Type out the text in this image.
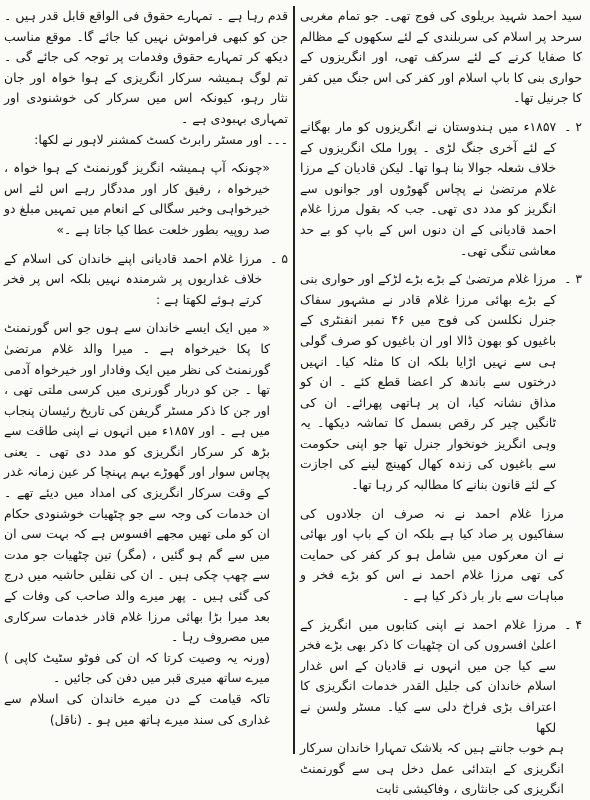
سید احمد شہید بریلوی کی فوج تھی۔ جو تمام مغربی سرحد پر اسلام کی سربلندی کے لئے سکھوں کے مظالم کا صفایا کرنے کے لئے سرکف تھی، اور انگریزوں کے حواری بنی کا باپ اسلام اور کفر کی اس جنگ میں کفر کا جرنیل تھا۔

۲ ۔
۱۸۵۷ء میں ہندوستان نے انگریزوں کو مار بھگانے کے لئے آخری جنگ لڑی ۔ پورا ملک انگریزوں کے خلاف شعلہ جوالا بنا ہوا تھا۔ لیکن قادیان کے مرزا غلام مرتضیٰ نے پچاس گھوڑوں اور جوانوں سے انگریز کو مدد دی تھی۔ جب کہ بقول مرزا غلام احمد قادیانی کے ان دنوں اس کے باپ کو بے حد معاشی تنگی تھی۔
۳ ۔
مرزا غلام مرتضیٰ کے بڑے بڑے لڑکے اور حواری بنی کے بڑے بھائی مرزا غلام قادر نے مشہور سفاک جنرل نکلسن کی فوج میں ۴۶ نمبر انفنٹری کے باغیوں کو بھون ڈالا اور ان باغیوں کو صرف گولی ہی سے نہیں اڑایا بلکہ ان کا مثلہ کیا۔ انہیں درختوں سے باندھ کر اعضا قطع کئے ۔ ان کو مذاق نشانہ کیا، ان پر ہاتھی پھرائے۔ ان کی ٹانگیں چیر کر رقص بسمل کا تماشہ دیکھا۔ یہ وہی انگریز خونخوار جنرل تھا جو اپنی حکومت سے باغیوں کی زندہ کھال کھینچ لینے کی اجازت کے لئے قانون بنانے کا مطالبہ کر رہا تھا۔

مرزا غلام احمد نے نہ صرف ان جلادوں کی سفاکیوں پر صاد کیا ہے بلکہ ان کے باپ اور بھائی نے ان معرکوں میں شامل ہو کر کفر کی حمایت کی تھی مرزا غلام احمد نے اس کو بڑے فخر و مباہات سے بار بار ذکر کیا ہے ۔

۴ ۔
مرزا غلام احمد نے اپنی کتابوں میں انگریز کے اعلیٰ افسروں کی ان چٹھیات کا ذکر بھی بڑے فخر سے کیا جن میں انہوں نے قادیان کے اس غدار اسلام خاندان کی جلیل القدر خدمات انگریزی کا اعتراف بڑی فراخ دلی سے کیا۔ مسٹر ولسن نے لکھا

ہم خوب جانتے ہیں کہ بلاشک تمہارا خاندان سرکار انگریزی کے ابتدائی عمل دخل ہی سے گورنمنٹ انگریزی کی جانثاری ، وفاکیشی ثابت

قدم رہا ہے ۔ تمہارے حقوق فی الواقع قابل قدر ہیں ۔ جن کو کبھی فراموش نہیں کیا جائے گا۔ موقع مناسب دیکھ کر تمہارے حقوق وفدمات پر توجہ کی جائے گی ۔ تم لوگ ہمیشہ سرکار انگریزی کے ہوا خواہ اور جان نثار رہو، کیونکہ اس میں سرکار کی خوشنودی اور تمہاری بہبودی ہے ۔

۔۔۔ اور مسٹر رابرٹ کسٹ کمشنر لاہور نے لکھا:

«چونکہ آپ ہمیشہ انگریز گورنمنٹ کے ہوا خواہ ، خیرخواہ ، رفیق کار اور مددگار رہے اس لئے اس خیرخواہی وخیر سگالی کے انعام میں تمہیں مبلغ دو صد روپیہ بطور خلعت عطا کیا جاتا ہے ۔»

۵ ۔
مرزا غلام احمد قادیانی اپنے خاندان کی اسلام کے خلاف غداریوں پر شرمندہ نہیں بلکہ اس پر فخر کرتے ہوئے لکھتا ہے :

« میں ایک ایسے خاندان سے ہوں جو اس گورنمنٹ کا پکا خیرخواہ ہے ۔ میرا والد غلام مرتضیٰ گورنمنٹ کی نظر میں ایک وفادار اور خیرخواہ آدمی تھا ۔ جن کو دربار گورنری میں کرسی ملتی تھی ، اور جن کا ذکر مسٹر گریفن کی تاریخ رئیسان پنجاب میں ہے ۔ اور ۱۸۵۷ء میں انہوں نے اپنی طاقت سے بڑھ کر سرکار انگریزی کو مدد دی تھی ۔ یعنی پچاس سوار اور گھوڑے بہم پہنچا کر عین زمانہ غدر کے وقت سرکار انگریزی کی امداد میں دیئے تھے ۔ ان خدمات کی وجہ سے جو چٹھیات خوشنودی حکام ان کو ملی تھیں مجھے افسوس ہے کہ بہت سی ان میں سے گم ہو گئیں ، (مگر) تین چٹھیات جو مدت سے چھپ چکی ہیں ۔ ان کی نقلیں حاشیہ میں درج کی گئی ہیں ۔ پھر میرے والد صاحب کی وفات کے بعد میرا بڑا بھائی مرزا غلام قادر خدمات سرکاری میں مصروف رہا ۔

(ورنہ یہ وصیت کرتا کہ ان کی فوٹو سٹیٹ کاپی ) میرے ساتھ میری قبر میں دفن کی جائیں ۔

تاکہ قیامت کے دن میرے خاندان کی اسلام سے غداری کی سند میرے ہاتھ میں ہو ۔ (ناقل)
